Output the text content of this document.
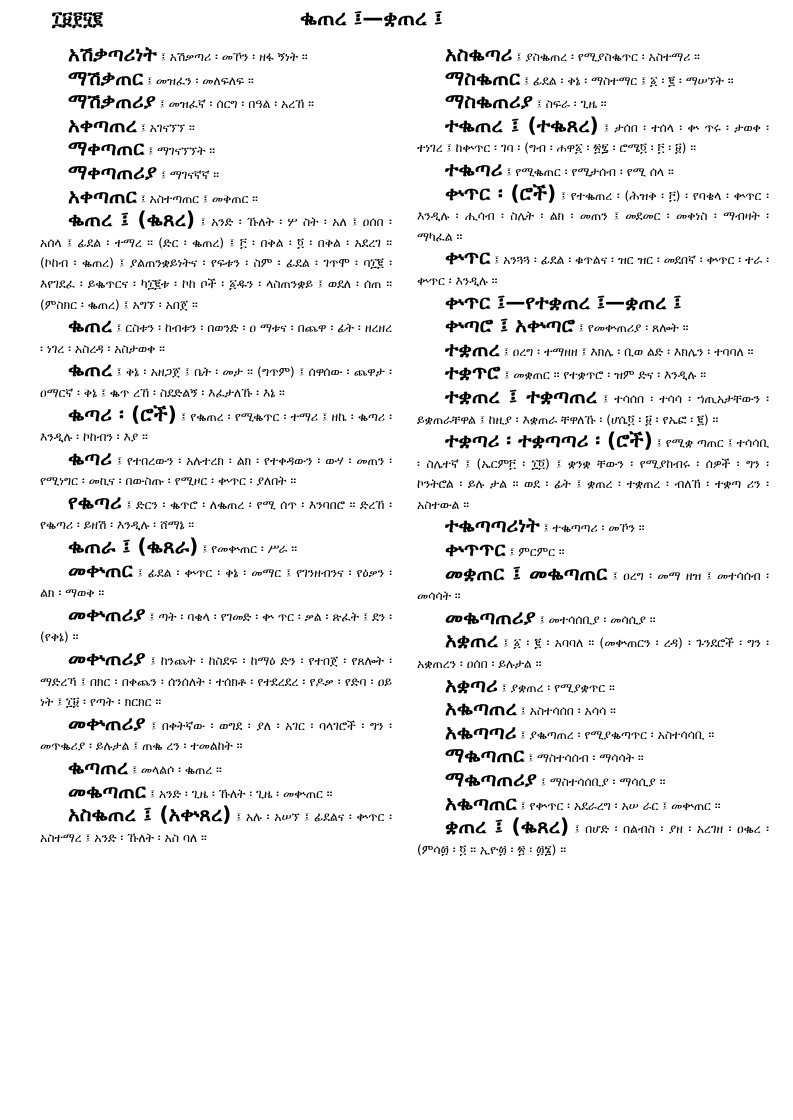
፲፱፻፶፪	ቈጠረ ፤—ቋጠረ ፤

አሽቃጣሪነት ፤ አሽቃጣሪ ፡ መኾን ፡ ዘፋ ኝነት ።

ማሽቃጠር ፤ መዝፈን ፡ መለፍለፍ ።

ማሽቃጠሪያ ፤ መዝፈኛ ፡ ሰርግ ፡ በዓል ፡ አረኸ ።

አቀጣጠረ ፤ አገናኘኘ ።

ማቀጣጠር ፤ ማገናኘኘት ።

ማቀጣጠሪያ ፤ ማገናኛኛ ።

አቀጣጠር ፤ አስተጣጠር ፤ መቅጠር ።

ቈጠረ ፤ (ቈጸረ) ፤ አንድ ፡ ኹለት ፡ ሦ ስት ፡ አለ ፤ ዐሰበ ፡ አሰላ ፤ ፊደል ፡ ተማረ ። (ድር ፡ ቈጠረ) ፤ ፫ ፡ በቅል ፡ ፬ ፡ በቅል ፡ አደረገ ። (ኮከብ ፡ ቈጠረ) ፤ ያልጠንቋይነትና ፡ የፍቱን ፡ ስም ፡ ፊደል ፡ ገጥሞ ፡ ባ፲፪ ፡ እየገደፈ ፡ ይቈጥርና ፡ ካ፲፪ቱ ፡ ኮከ ቦች ፡ ፩ዱን ፡ ላስጠንቋይ ፤ ወደለ ፡ ሰጠ ። (ምስክር ፡ ቈጠረ) ፤ አግኘ ፡ አበጀ ።

ቈጠረ ፤ ርስቱን ፡ ከብቱን ፡ በወንድ ፡ ዐ ማቱና ፡ በጨዋ ፡ ፊት ፡ ዘረዘረ ፡ ነገረ ፡ አስረዳ ፡ አስታወቀ ።

ቈጠረ ፤ ቅኔ ፡ አዘጋጀ ፤ ቤት ፡ መታ ። (ግጥም) ፤ ሰዋሰው ፡ ጨዋታ ፡ ዐማርኛ ፡ ቅኔ ፤ ቈጥ ረኸ ፡ ስደድልኝ ፡ እፈታለኹ ፡ እኔ ።

ቈጣሪ ፡ (ሮች) ፤ የቈጠረ ፡ የሚቈጥር ፡ ተማሪ ፤ ዘኬ ፡ ቈጣሪ ፡ እንዲሉ ፡ ኮከብን ፡ እያ ።

ቈጣሪ ፤ የተበረውን ፡ አሉተረክ ፡ ልክ ፡ የተቀዳውን ፡ ውሃ ፡ መጠን ፡ የሚነግር ፡ መኪና ፡ በውስጡ ፡ የሚዞር ፡ ቍጥር ፡ ያለበት ።

የቈጣሪ ፤ ድርን ፡ ቈጥሮ ፡ ለቈጠረ ፡ የሚ ሰጥ ፡ እንባበሮ ። ድረኸ ፡ የቈጣሪ ፡ ይዘሽ ፡ እንዲሉ ፡ ሸማኔ ።

ቈጠራ ፤ (ቈጸራ) ፤ የመቍጠር ፡ ሥራ ።

መቍጠር ፤ ፊደል ፡ ቍጥር ፡ ቅኔ ፡ መማር ፤ የገንዘብንና ፡ የዕቃን ፡ ልክ ፡ ማወቅ ።

መቍጠሪያ ፤ ጣት ፡ ባቄላ ፡ የገመድ ፡ ቍ ጥር ፡ ቃል ፡ ጽፈት ፤ ደን ፡ (የቅኔ) ።

መቍጠሪያ ፤ ከንጨት ፡ ከስደፍ ፡ ከማዕ ድን ፡ የተበጀ ፡ የጸሎት ፡ ማድረኻ ፤ በክር ፡ በቀጨን ፡ ሰንሰለት ፡ ተሰክቶ ፡ የተደረደረ ፡ የዶቃ ፡ የድባ ፡ ዐይ ነት ፤ ፲፱ ፡ የጣት ፡ ክርክር ።

መቍጠሪያ ፤ በቀትኛው ፡ ወግደ ፡ ያለ ፡ አገር ፡ ባላገሮች ፡ ግን ፡ መጥቈሪያ ፡ ይሉታል ፤ ጠቈ ረን ፡ ተመልከት ።

ቈጣጠረ ፤ መላልሶ ፡ ቈጠረ ።

መቈጣጠር ፤ አንድ ፡ ጊዜ ፡ ኹለት ፡ ጊዜ ፡ መቍጠር ።

አስቈጠረ ፤ (አቍጸረ) ፤ አሉ ፡ አሠኘ ፤ ፊደልና ፡ ቍጥር ፡ አስተማረ ፤ አንድ ፡ ኹለት ፡ አስ ባለ ።

አስቈጣሪ ፤ ያስቈጠረ ፡ የሚያስቈጥር ፡ አስተማሪ ።

ማስቈጠር ፤ ፊደል ፡ ቅኔ ፡ ማስተማር ፤ ፩ ፡ ፪ ፡ ማሠኘት ።

ማስቈጠሪያ ፤ ስፍራ ፡ ጊዜ ።

ተቈጠረ ፤ (ተቈጸረ) ፤ ታሰበ ፡ ተሰላ ፡ ቍ ጥሩ ፡ ታወቀ ፡ ተነገረ ፤ ከቍጥር ፡ ገባ ፡ (ግብ ፡ ሐዋ፩ ፡ ፳፯ ፡ ሮሜ፬ ፡ ፫ ፡ ፱) ።

ተቈጣሪ ፤ የሚቈጠር ፡ የሚታሰብ ፡ የሚ ሰላ ።

ቍጥር ፡ (ሮች) ፤ የተቈጠረ ፡ (ሕዝቅ ፡ ፫) ፡ የባቄላ ፡ ቍጥር ፡ እንዲሉ ፡ ሒሳብ ፡ ስሌት ፡ ልክ ፡ መጠን ፤ መደመር ፡ መቀነስ ፡ ማብዛት ፡ ማካፈል ።

ቍጥር ፤ አንጓጓ ፡ ፊደል ፡ ቁጥልና ፡ ዝር ዝር ፡ መደበኛ ፡ ቍጥር ፡ ተራ ፡ ቍጥር ፡ እንዲሉ ።

ቍጥር ፤—የተቋጠረ ፤—ቋጠረ ፤

ቍጣሮ ፤ አቍጣሮ ፤ የመቍጠሪያ ፡ ጸሎት ።

ተቋጠረ ፤ ዐረግ ፡ ተማዘዘ ፤ እክሌ ፡ ቢወ ልድ ፡ እክሌን ፡ ተባባለ ።

ተቋጥሮ ፤ መቋጠር ። የተቋጥሮ ፡ ዝም ድና ፡ እንዲሉ ።

ተቋጠረ ፤ ተቋጣጠረ ፤ ተሳሰበ ፡ ተሳሳ ፡ ኀጢአታቸውን ፡ ይቋጠራቸዋል ፤ ከዚያ ፡ እቋጠራ ቸዋለኹ ፡ (ሆሴ፬ ፡ ፱ ፡ የኤፎ ፡ ፪) ።

ተቋጣሪ ፡ ተቋጣጣሪ ፡ (ሮች) ፤ የሚቋ ጣጠር ፤ ተሳሳቢ ፡ ስሌተኛ ፤ (ኤርም፫ ፡ ፲፬) ፤ ቋንቋ ቸውን ፡ የሚያከብሩ ፡ ሰዎች ፡ ግን ፡ ኮንትሮል ፡ ይሉ ታል ። ወደ ፡ ፊት ፤ ቋጠረ ፡ ተቋጠረ ፡ ብለኸ ፡ ተቋጣ ሪን ፡ አስተውል ።

ተቈጣጣሪነት ፤ ተቈጣጣሪ ፡ መኾን ።

ቍጥጥር ፤ ምርምር ።

መቋጠር ፤ መቈጣጠር ፤ ዐረግ ፡ መማ ዘዝ ፤ መተሳሰብ ፡ መሳሳት ።

መቈጣጠሪያ ፤ መተሳሰቢያ ፡ መሳሲያ ።

አቋጠረ ፤ ፩ ፡ ፪ ፡ አባባለ ። (መቍጠርን ፡ ረዳ) ፡ ጉንደሮች ፡ ግን ፡ አቋጠረን ፡ ዐሰበ ፡ ይሉታል ።

አቋጣሪ ፤ ያቋጠረ ፡ የሚያቋጥር ።

አቈጣጠረ ፤ አስተሳሰበ ፡ አሳሳ ።

አቈጣጣሪ ፤ ያቈጣጠረ ፡ የሚያቈጣጥር ፡ አስተሳሳቢ ።

ማቈጣጠር ፤ ማስተሳሰብ ፡ ማሳሳት ።

ማቈጣጠሪያ ፤ ማስተሳሰቢያ ፡ ማሳሲያ ።

አቈጣጠር ፤ የቍጥር ፡ አደራረግ ፡ አሠ ራር ፤ መቍጠር ።

ቋጠረ ፤ (ቈጸረ) ፤ በሆድ ፡ በልብስ ፡ ያዘ ፡ አረገዘ ፡ ዐቈረ ፡ (ምሳ፴ ፡ ፬ ። ኢዮ፴ ፡ ፳ ፡ ፴፮) ።
